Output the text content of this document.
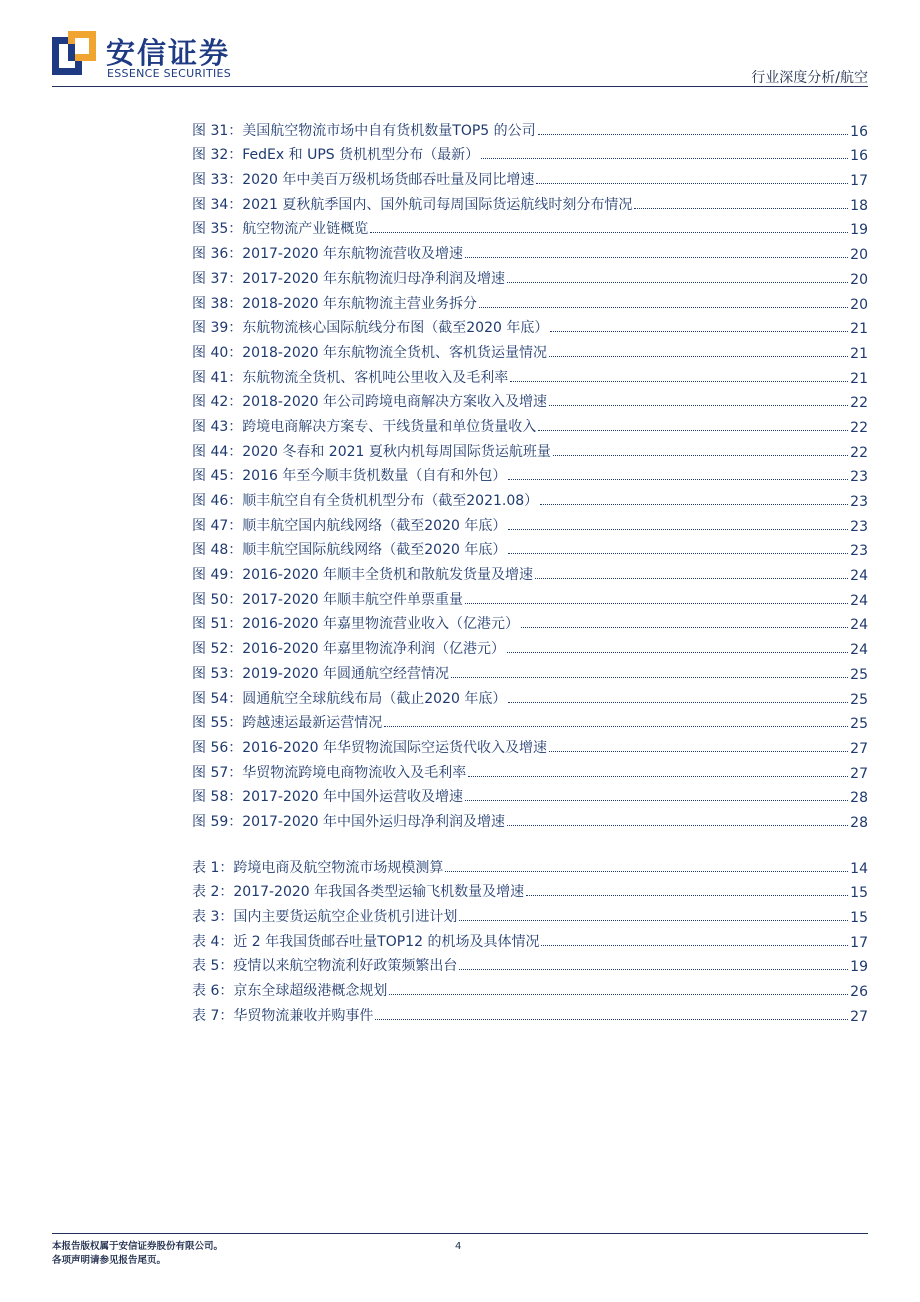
安信证券
ESSENCE SECURITIES	行业深度分析/航空
图 31：美国航空物流市场中自有货机数量TOP5 的公司	16
图 32：FedEx 和 UPS 货机机型分布（最新）	16
图 33：2020 年中美百万级机场货邮吞吐量及同比增速	17
图 34：2021 夏秋航季国内、国外航司每周国际货运航线时刻分布情况	18
图 35：航空物流产业链概览	19
图 36：2017-2020 年东航物流营收及增速	20
图 37：2017-2020 年东航物流归母净利润及增速	20
图 38：2018-2020 年东航物流主营业务拆分	20
图 39：东航物流核心国际航线分布图（截至2020 年底）	21
图 40：2018-2020 年东航物流全货机、客机货运量情况	21
图 41：东航物流全货机、客机吨公里收入及毛利率	21
图 42：2018-2020 年公司跨境电商解决方案收入及增速	22
图 43：跨境电商解决方案专、干线货量和单位货量收入	22
图 44：2020 冬春和 2021 夏秋内机每周国际货运航班量	22
图 45：2016 年至今顺丰货机数量（自有和外包）	23
图 46：顺丰航空自有全货机机型分布（截至2021.08）	23
图 47：顺丰航空国内航线网络（截至2020 年底）	23
图 48：顺丰航空国际航线网络（截至2020 年底）	23
图 49：2016-2020 年顺丰全货机和散航发货量及增速	24
图 50：2017-2020 年顺丰航空件单票重量	24
图 51：2016-2020 年嘉里物流营业收入（亿港元）	24
图 52：2016-2020 年嘉里物流净利润（亿港元）	24
图 53：2019-2020 年圆通航空经营情况	25
图 54：圆通航空全球航线布局（截止2020 年底）	25
图 55：跨越速运最新运营情况	25
图 56：2016-2020 年华贸物流国际空运货代收入及增速	27
图 57：华贸物流跨境电商物流收入及毛利率	27
图 58：2017-2020 年中国外运营收及增速	28
图 59：2017-2020 年中国外运归母净利润及增速	28
表 1：跨境电商及航空物流市场规模测算	14
表 2：2017-2020 年我国各类型运输飞机数量及增速	15
表 3：国内主要货运航空企业货机引进计划	15
表 4：近 2 年我国货邮吞吐量TOP12 的机场及具体情况	17
表 5：疫情以来航空物流利好政策频繁出台	19
表 6：京东全球超级港概念规划	26
表 7：华贸物流兼收并购事件	27
本报告版权属于安信证券股份有限公司。
各项声明请参见报告尾页。
4
